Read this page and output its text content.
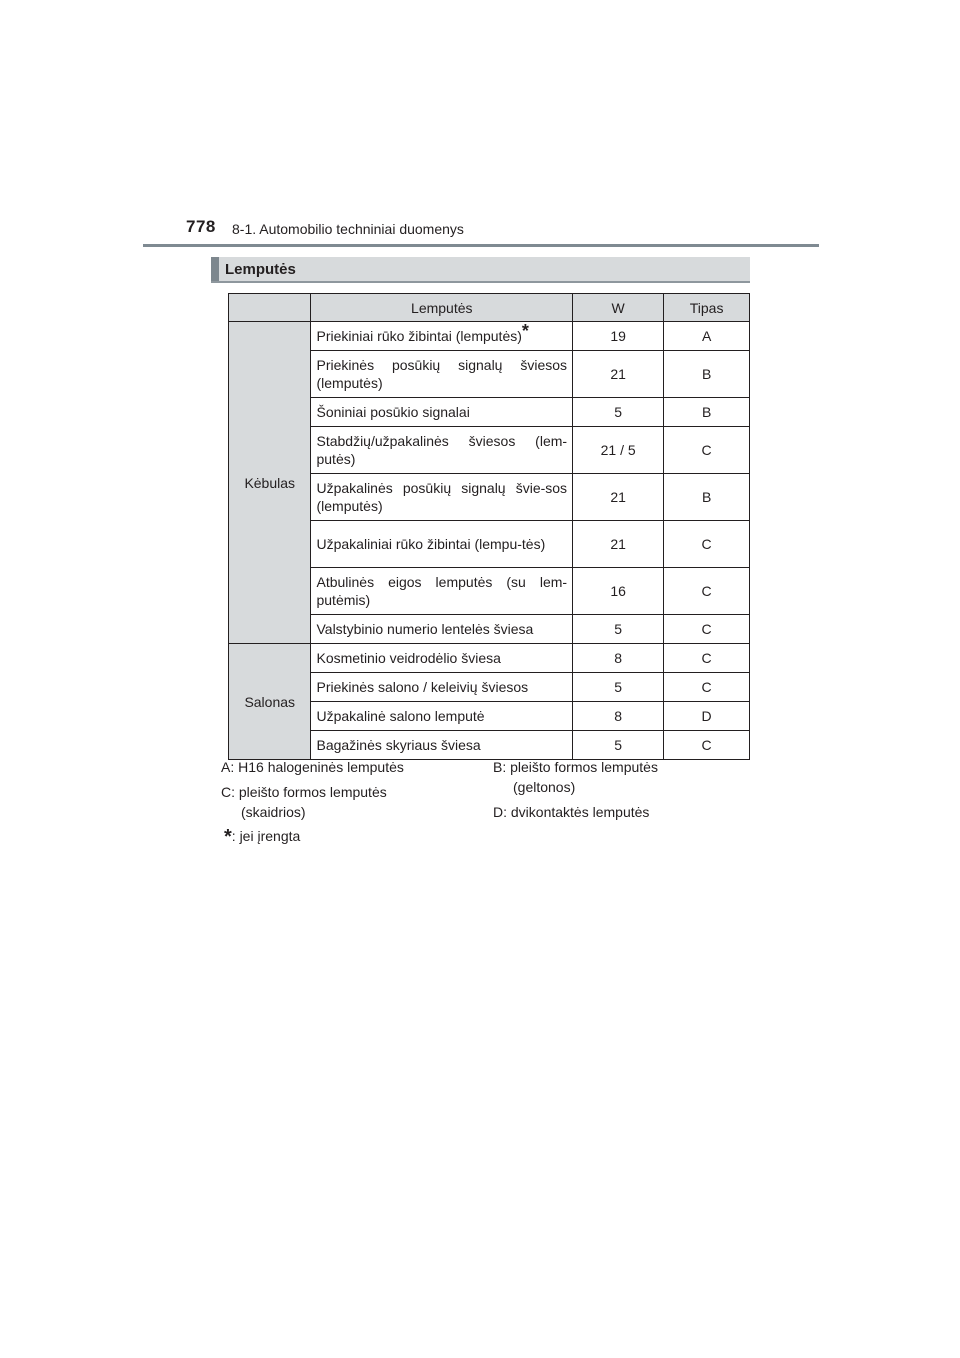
778 8-1. Automobilio techniniai duomenys
Lemputės
	Lemputės	W	Tipas
Kėbulas	Priekiniai rūko žibintai (lemputės)*	19	A
	Priekinės posūkių signalų šviesos (lemputės)	21	B
	Šoniniai posūkio signalai	5	B
	Stabdžių/užpakalinės šviesos (lem-putės)	21 / 5	C
	Užpakalinės posūkių signalų švie-sos (lemputės)	21	B
	Užpakaliniai rūko žibintai (lempu-tės)	21	C
	Atbulinės eigos lemputės (su lem-putėmis)	16	C
	Valstybinio numerio lentelės šviesa	5	C
Salonas	Kosmetinio veidrodėlio šviesa	8	C
	Priekinės salono / keleivių šviesos	5	C
	Užpakalinė salono lemputė	8	D
	Bagažinės skyriaus šviesa	5	C
A: H16 halogeninės lemputės
C: pleišto formos lemputės
(skaidrios)
B: pleišto formos lemputės
(geltonos)
D: dvikontaktės lemputės
*: jei įrengta
